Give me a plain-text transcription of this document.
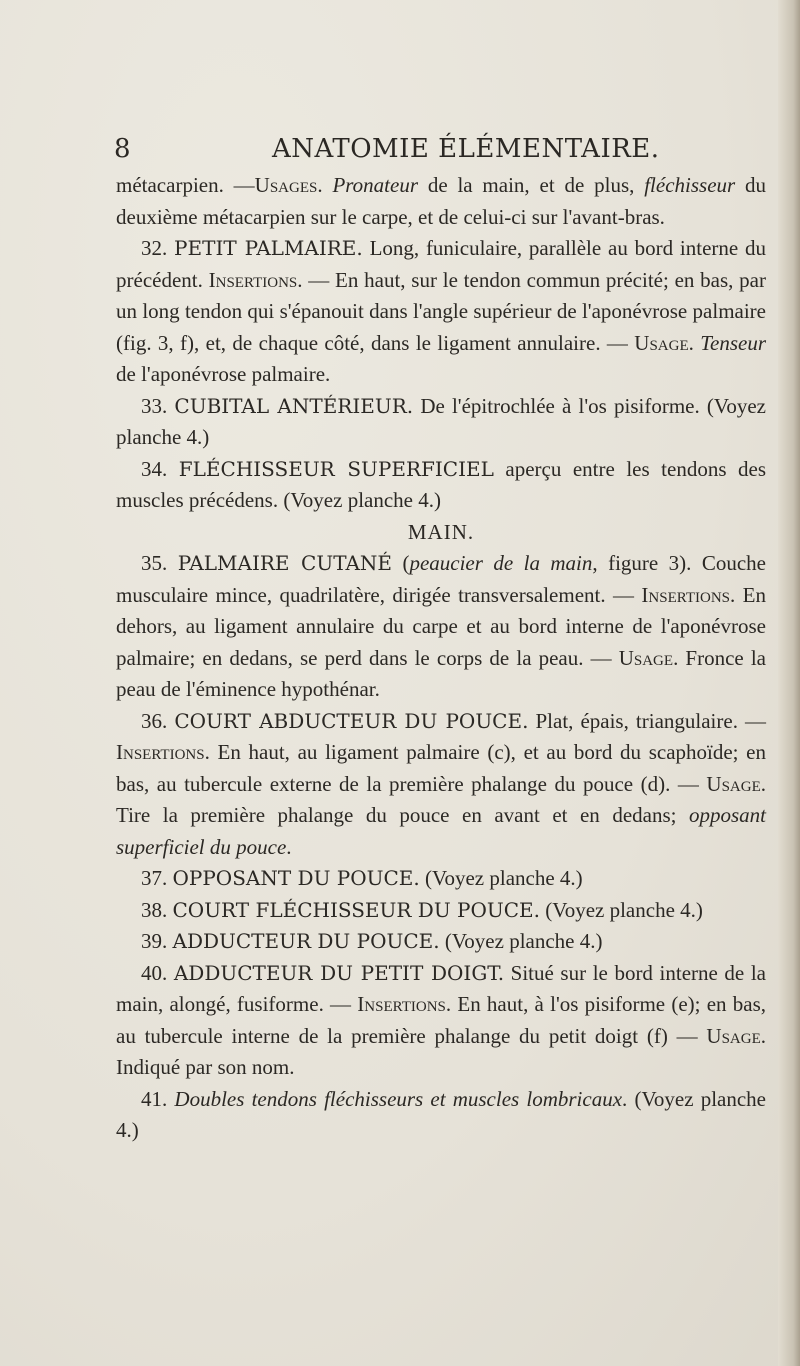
8	ANATOMIE ÉLÉMENTAIRE.

métacarpien. —Usages. Pronateur de la main, et de plus, fléchisseur du deuxième métacarpien sur le carpe, et de celui-ci sur l'avant-bras.

32. PETIT PALMAIRE. Long, funiculaire, parallèle au bord interne du précédent. Insertions. — En haut, sur le tendon commun précité; en bas, par un long tendon qui s'épanouit dans l'angle supérieur de l'aponévrose palmaire (fig. 3, f), et, de chaque côté, dans le ligament annulaire. — Usage. Tenseur de l'aponévrose palmaire.

33. CUBITAL ANTÉRIEUR. De l'épitrochlée à l'os pisiforme. (Voyez planche 4.)

34. FLÉCHISSEUR SUPERFICIEL aperçu entre les tendons des muscles précédens. (Voyez planche 4.)

MAIN.

35. PALMAIRE CUTANÉ (peaucier de la main, figure 3). Couche musculaire mince, quadrilatère, dirigée transversalement. — Insertions. En dehors, au ligament annulaire du carpe et au bord interne de l'aponévrose palmaire; en dedans, se perd dans le corps de la peau. — Usage. Fronce la peau de l'éminence hypothénar.

36. COURT ABDUCTEUR DU POUCE. Plat, épais, triangulaire. — Insertions. En haut, au ligament palmaire (c), et au bord du scaphoïde; en bas, au tubercule externe de la première phalange du pouce (d). — Usage. Tire la première phalange du pouce en avant et en dedans; opposant superficiel du pouce.

37. OPPOSANT DU POUCE. (Voyez planche 4.)

38. COURT FLÉCHISSEUR DU POUCE. (Voyez planche 4.)

39. ADDUCTEUR DU POUCE. (Voyez planche 4.)

40. ADDUCTEUR DU PETIT DOIGT. Situé sur le bord interne de la main, alongé, fusiforme. — Insertions. En haut, à l'os pisiforme (e); en bas, au tubercule interne de la première phalange du petit doigt (f) — Usage. Indiqué par son nom.

41. Doubles tendons fléchisseurs et muscles lombricaux. (Voyez planche 4.)
